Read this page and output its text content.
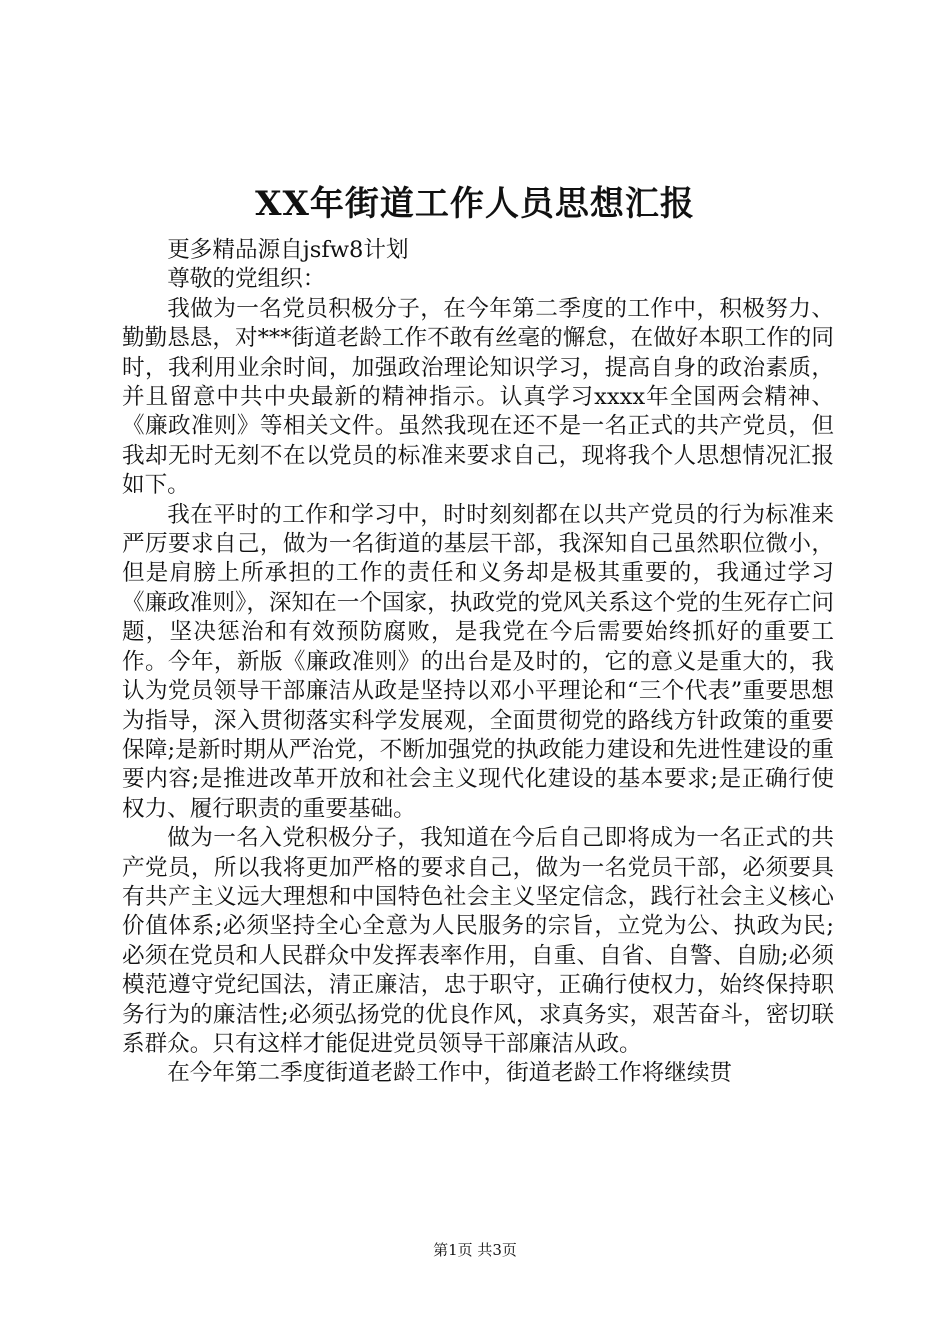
XX年街道工作人员思想汇报

更多精品源自jsfw8计划

尊敬的党组织：

我做为一名党员积极分子，在今年第二季度的工作中，积极努力、勤勤恳恳，对***街道老龄工作不敢有丝毫的懈怠，在做好本职工作的同时，我利用业余时间，加强政治理论知识学习，提高自身的政治素质，并且留意中共中央最新的精神指示。认真学习xxxx年全国两会精神、《廉政准则》等相关文件。虽然我现在还不是一名正式的共产党员，但我却无时无刻不在以党员的标准来要求自己，现将我个人思想情况汇报如下。

我在平时的工作和学习中，时时刻刻都在以共产党员的行为标准来严厉要求自己，做为一名街道的基层干部，我深知自己虽然职位微小，但是肩膀上所承担的工作的责任和义务却是极其重要的，我通过学习《廉政准则》，深知在一个国家，执政党的党风关系这个党的生死存亡问题，坚决惩治和有效预防腐败，是我党在今后需要始终抓好的重要工作。今年，新版《廉政准则》的出台是及时的，它的意义是重大的，我认为党员领导干部廉洁从政是坚持以邓小平理论和“三个代表”重要思想为指导，深入贯彻落实科学发展观，全面贯彻党的路线方针政策的重要保障;是新时期从严治党，不断加强党的执政能力建设和先进性建设的重要内容;是推进改革开放和社会主义现代化建设的基本要求;是正确行使权力、履行职责的重要基础。

做为一名入党积极分子，我知道在今后自己即将成为一名正式的共产党员，所以我将更加严格的要求自己，做为一名党员干部，必须要具有共产主义远大理想和中国特色社会主义坚定信念，践行社会主义核心价值体系;必须坚持全心全意为人民服务的宗旨，立党为公、执政为民;必须在党员和人民群众中发挥表率作用，自重、自省、自警、自励;必须模范遵守党纪国法，清正廉洁，忠于职守，正确行使权力，始终保持职务行为的廉洁性;必须弘扬党的优良作风，求真务实，艰苦奋斗，密切联系群众。只有这样才能促进党员领导干部廉洁从政。

在今年第二季度街道老龄工作中，街道老龄工作将继续贯

第1页 共3页
